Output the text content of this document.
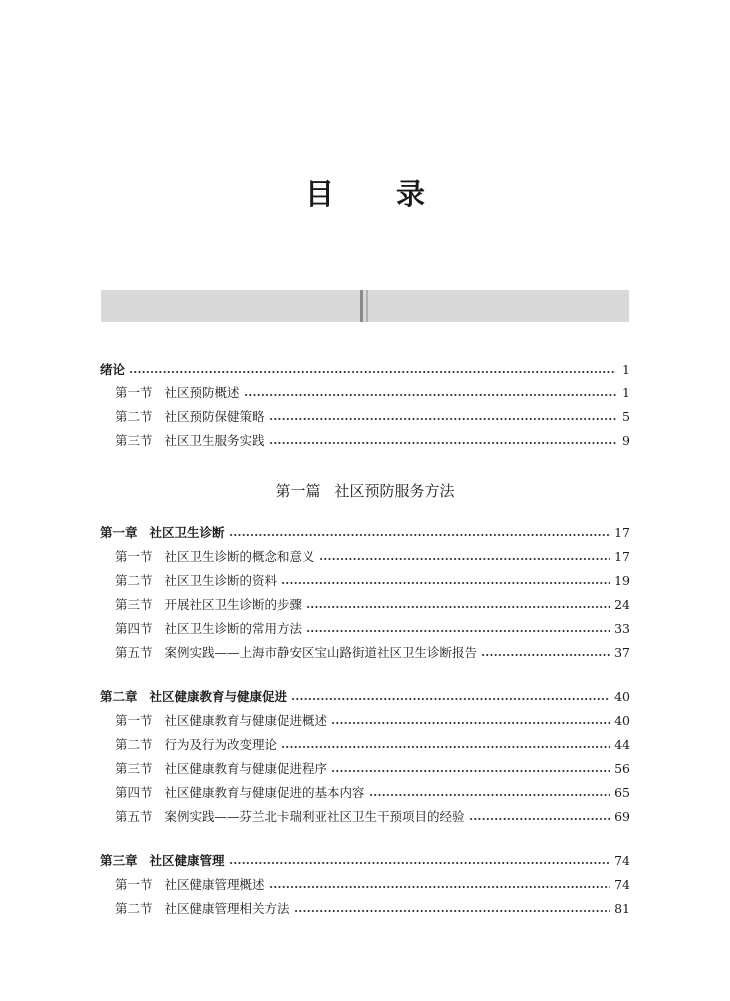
目 录
第一篇 社区预防服务方法
绪论	1
第一节 社区预防概述	1
第二节 社区预防保健策略	5
第三节 社区卫生服务实践	9
第一章 社区卫生诊断	17
第一节 社区卫生诊断的概念和意义	17
第二节 社区卫生诊断的资料	19
第三节 开展社区卫生诊断的步骤	24
第四节 社区卫生诊断的常用方法	33
第五节 案例实践——上海市静安区宝山路街道社区卫生诊断报告	37
第二章 社区健康教育与健康促进	40
第一节 社区健康教育与健康促进概述	40
第二节 行为及行为改变理论	44
第三节 社区健康教育与健康促进程序	56
第四节 社区健康教育与健康促进的基本内容	65
第五节 案例实践——芬兰北卡瑞利亚社区卫生干预项目的经验	69
第三章 社区健康管理	74
第一节 社区健康管理概述	74
第二节 社区健康管理相关方法	81
